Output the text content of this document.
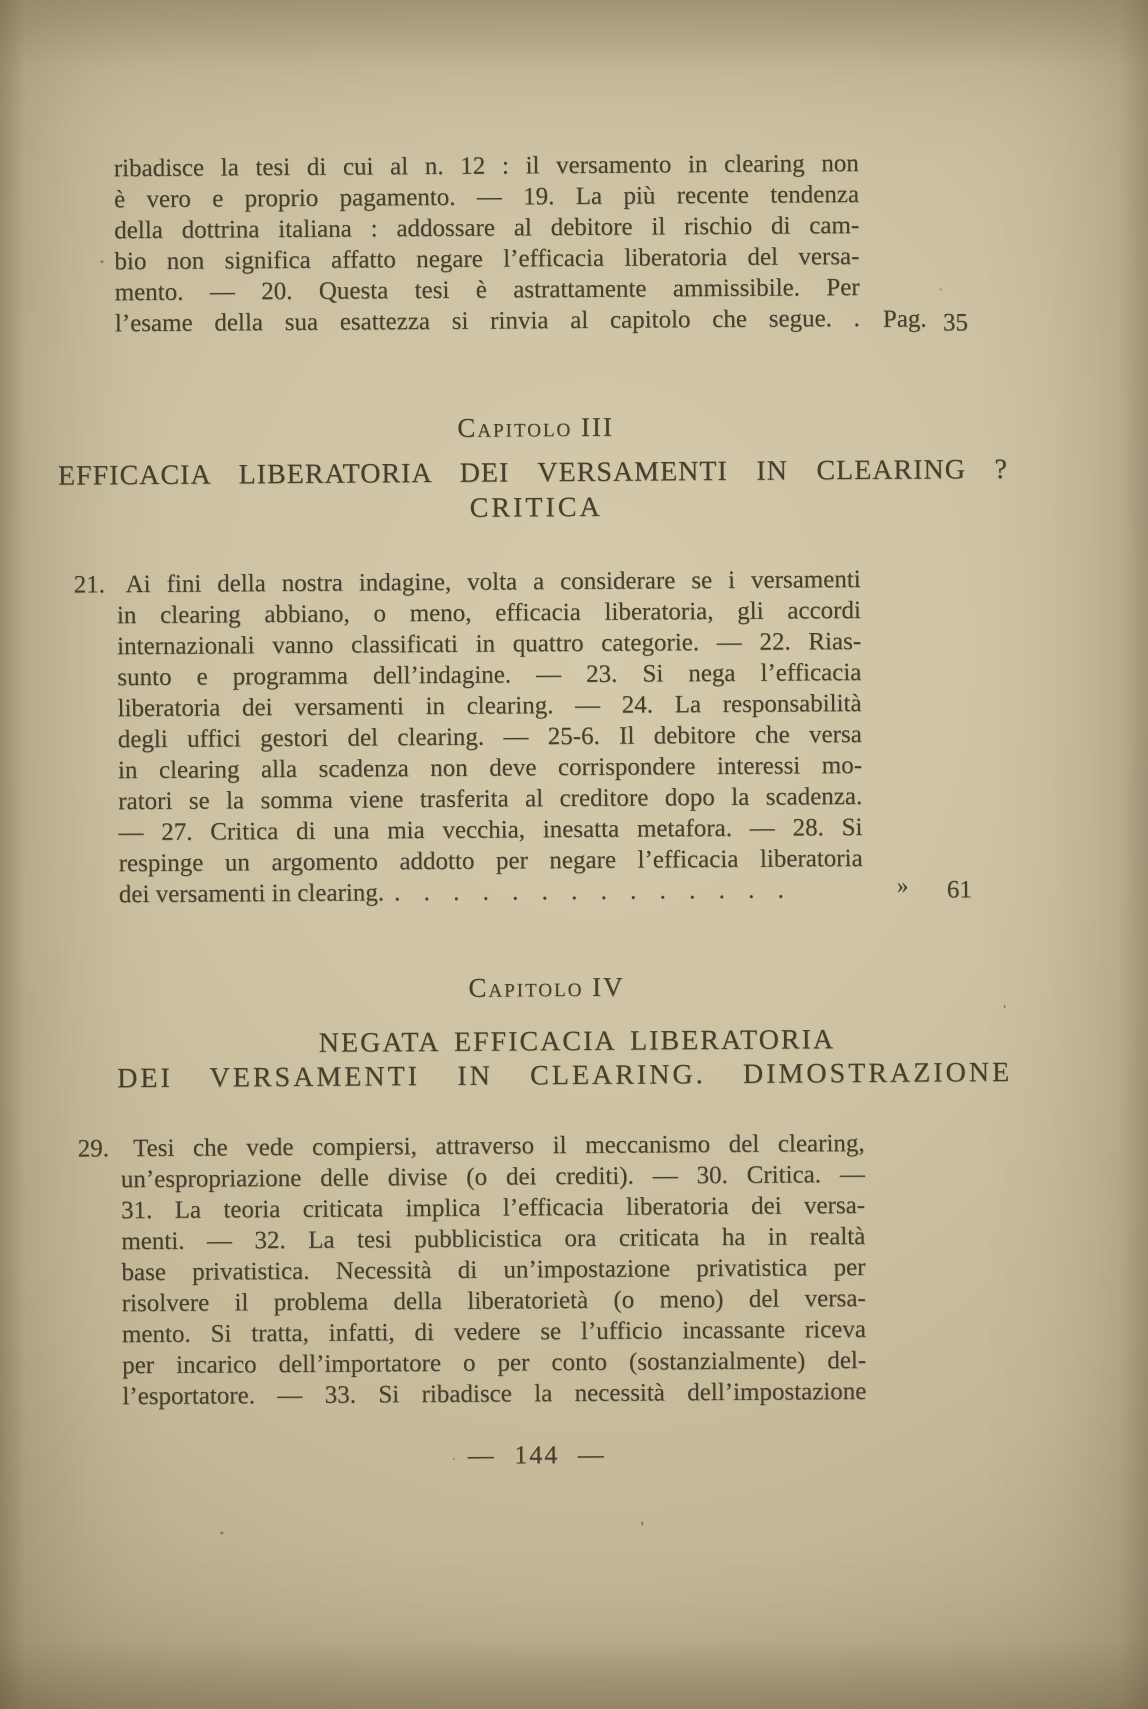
ribadisce la tesi di cui al n. 12 : il versamento in clearing non
è vero e proprio pagamento. — 19. La più recente tendenza
della dottrina italiana : addossare al debitore il rischio di cam-
bio non significa affatto negare l’efficacia liberatoria del versa-
mento. — 20. Questa tesi è astrattamente ammissibile. Per
l’esame della sua esattezza si rinvia al capitolo che segue. . Pag. 35
Capitolo III
EFFICACIA LIBERATORIA DEI VERSAMENTI IN CLEARING ?
CRITICA
21. Ai fini della nostra indagine, volta a considerare se i versamenti
in clearing abbiano, o meno, efficacia liberatoria, gli accordi
internazionali vanno classificati in quattro categorie. — 22. Rias-
sunto e programma dell’indagine. — 23. Si nega l’efficacia
liberatoria dei versamenti in clearing. — 24. La responsabilità
degli uffici gestori del clearing. — 25-6. Il debitore che versa
in clearing alla scadenza non deve corrispondere interessi mo-
ratori se la somma viene trasferita al creditore dopo la scadenza.
— 27. Critica di una mia vecchia, inesatta metafora. — 28. Si
respinge un argomento addotto per negare l’efficacia liberatoria
dei versamenti in clearing. . . . . . . . . . . . . . .	» 61
Capitolo IV
NEGATA EFFICACIA LIBERATORIA
DEI VERSAMENTI IN CLEARING. DIMOSTRAZIONE
29. Tesi che vede compiersi, attraverso il meccanismo del clearing,
un’espropriazione delle divise (o dei crediti). — 30. Critica. —
31. La teoria criticata implica l’efficacia liberatoria dei versa-
menti. — 32. La tesi pubblicistica ora criticata ha in realtà
base privatistica. Necessità di un’impostazione privatistica per
risolvere il problema della liberatorietà (o meno) del versa-
mento. Si tratta, infatti, di vedere se l’ufficio incassante riceva
per incarico dell’importatore o per conto (sostanzialmente) del-
l’esportatore. — 33. Si ribadisce la necessità dell’impostazione
— 144 —
